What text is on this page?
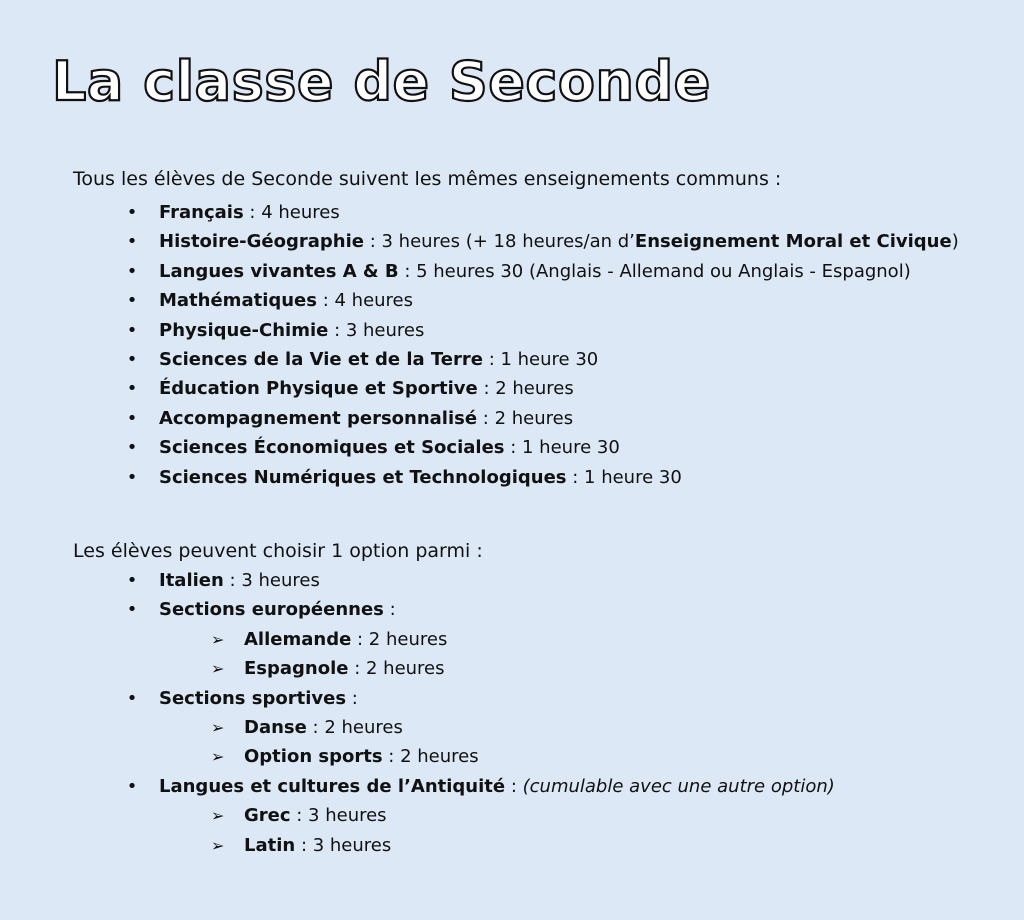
La classe de Seconde

Tous les élèves de Seconde suivent les mêmes enseignements communs :

• Français : 4 heures
• Histoire-Géographie : 3 heures (+ 18 heures/an d’Enseignement Moral et Civique)
• Langues vivantes A & B : 5 heures 30 (Anglais - Allemand ou Anglais - Espagnol)
• Mathématiques : 4 heures
• Physique-Chimie : 3 heures
• Sciences de la Vie et de la Terre : 1 heure 30
• Éducation Physique et Sportive : 2 heures
• Accompagnement personnalisé : 2 heures
• Sciences Économiques et Sociales : 1 heure 30
• Sciences Numériques et Technologiques : 1 heure 30

Les élèves peuvent choisir 1 option parmi :

• Italien : 3 heures
• Sections européennes :
➢ Allemande : 2 heures
➢ Espagnole : 2 heures
• Sections sportives :
➢ Danse : 2 heures
➢ Option sports : 2 heures
• Langues et cultures de l’Antiquité : (cumulable avec une autre option)
➢ Grec : 3 heures
➢ Latin : 3 heures
